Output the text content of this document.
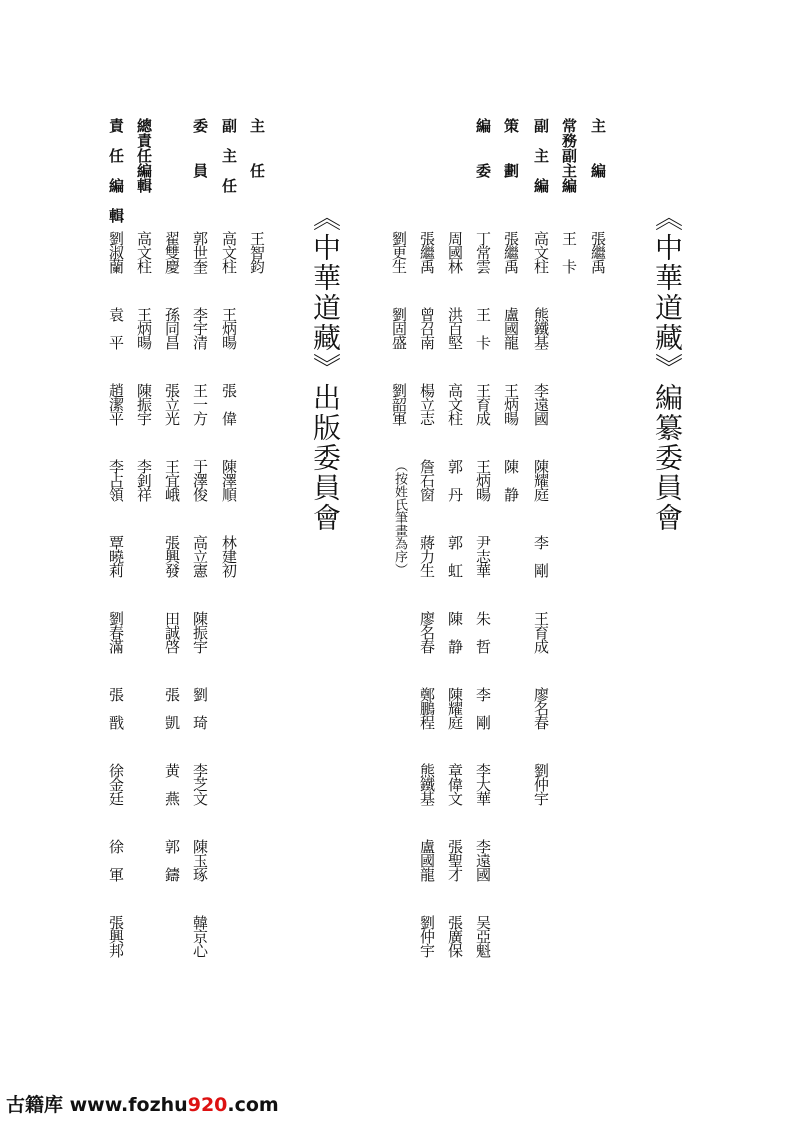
《中華道藏》編纂委員會
主　　編
張繼禹
常務副主編
王　卡
副　主　編
高文柱熊鐵基李遠國陳耀庭李　剛王育成廖名春劉仲宇
策　　劃
張繼禹盧國龍王炳暘陳　静
編　　委
丁常雲王　卡王育成王炳暘尹志華朱　哲李　剛李大華李遠國吴亞魁
周國林洪百堅高文柱郭　丹郭　虹陳　静陳耀庭章偉文張聖才張廣保
張繼禹曾召南楊立志詹石窗蔣力生廖名春鄭鵬程熊鐵基盧國龍劉仲宇
劉更生劉固盛劉韶軍（按姓氏筆畫為序）
《中華道藏》出版委員會
主　　任
王智鈞
副　主　任
高文柱王炳暘張　偉陳澤順林建初
委　　員
郭世奎李宇清王一方于澤俊高立憲陳振宇劉　琦李芝文陳玉琢韓京心
翟雙慶孫同昌張立光王宜峨張興發田誠啓張　凱黄　燕郭　鑄
總責任編輯
高文柱王炳暘陳振宇李釗祥
責　任　編　輯
劉淑蘭袁　平趙潔平李占領覃曉莉劉春滿張　戬徐金廷徐　軍張興邦
古籍库 www.fozhu920.com
